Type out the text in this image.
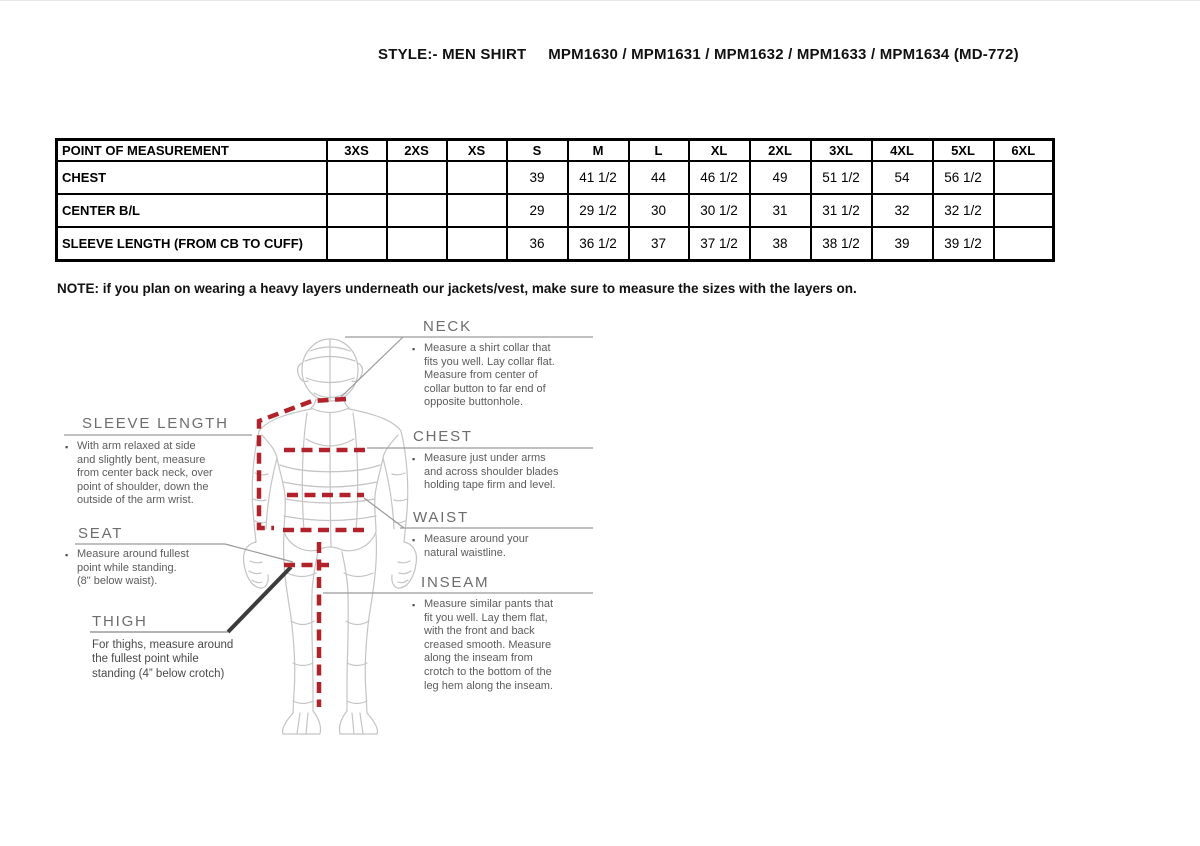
STYLE:- MEN SHIRT     MPM1630 / MPM1631 / MPM1632 / MPM1633 / MPM1634 (MD-772)
POINT OF MEASUREMENT	3XS	2XS	XS	S	M	L	XL	2XL	3XL	4XL	5XL	6XL
CHEST				39	41 1/2	44	46 1/2	49	51 1/2	54	56 1/2	
CENTER B/L				29	29 1/2	30	30 1/2	31	31 1/2	32	32 1/2	
SLEEVE LENGTH (FROM CB TO CUFF)				36	36 1/2	37	37 1/2	38	38 1/2	39	39 1/2	
NOTE: if you plan on wearing a heavy layers underneath our jackets/vest, make sure to measure the sizes with the layers on.
NECK
CHEST
WAIST
INSEAM
SLEEVE LENGTH
SEAT
THIGH
▪ Measure a shirt collar that
fits you well. Lay collar flat.
Measure from center of
collar button to far end of
opposite buttonhole.
▪ Measure just under arms
and across shoulder blades
holding tape firm and level.
▪ Measure around your
natural waistline.
▪ Measure similar pants that
fit you well. Lay them flat,
with the front and back
creased smooth. Measure
along the inseam from
crotch to the bottom of the
leg hem along the inseam.
▪ With arm relaxed at side
and slightly bent, measure
from center back neck, over
point of shoulder, down the
outside of the arm wrist.
▪ Measure around fullest
point while standing.
(8" below waist).
For thighs, measure around
the fullest point while
standing (4” below crotch)
